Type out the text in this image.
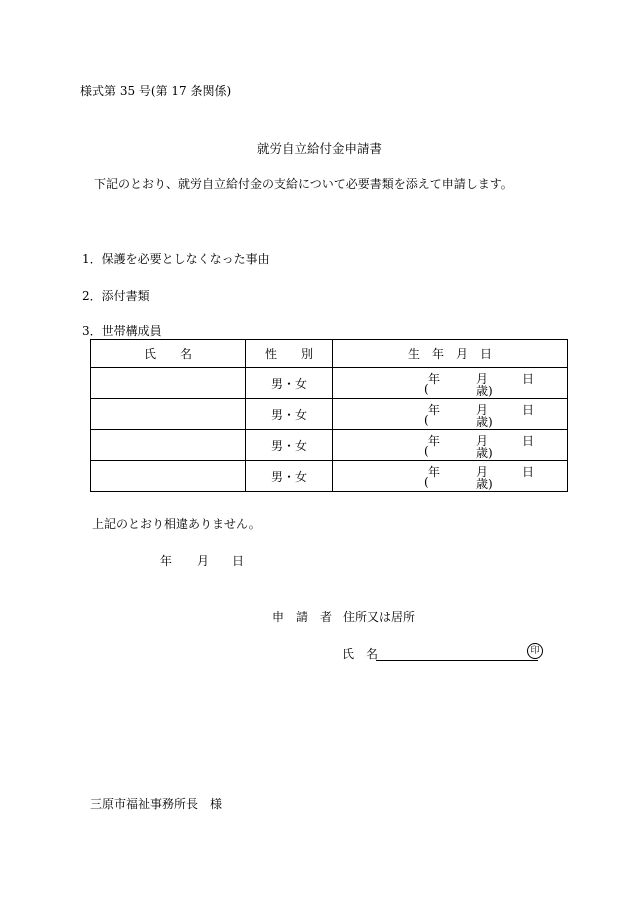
様式第 35 号(第 17 条関係)
就労自立給付金申請書
下記のとおり、就労自立給付金の支給について必要書類を添えて申請します。
1．保護を必要としなくなった事由
2．添付書類
3．世帯構成員
氏　　名	性　　別	生　年　月　日
	男・女	年 月 日
( 歳)

	男・女	年 月 日
( 歳)

	男・女	年 月 日
( 歳)

	男・女	年 月 日
( 歳)
上記のとおり相違ありません。
年 月 日
申　請　者 住所又は居所
氏　名	印
三原市福祉事務所長　様
